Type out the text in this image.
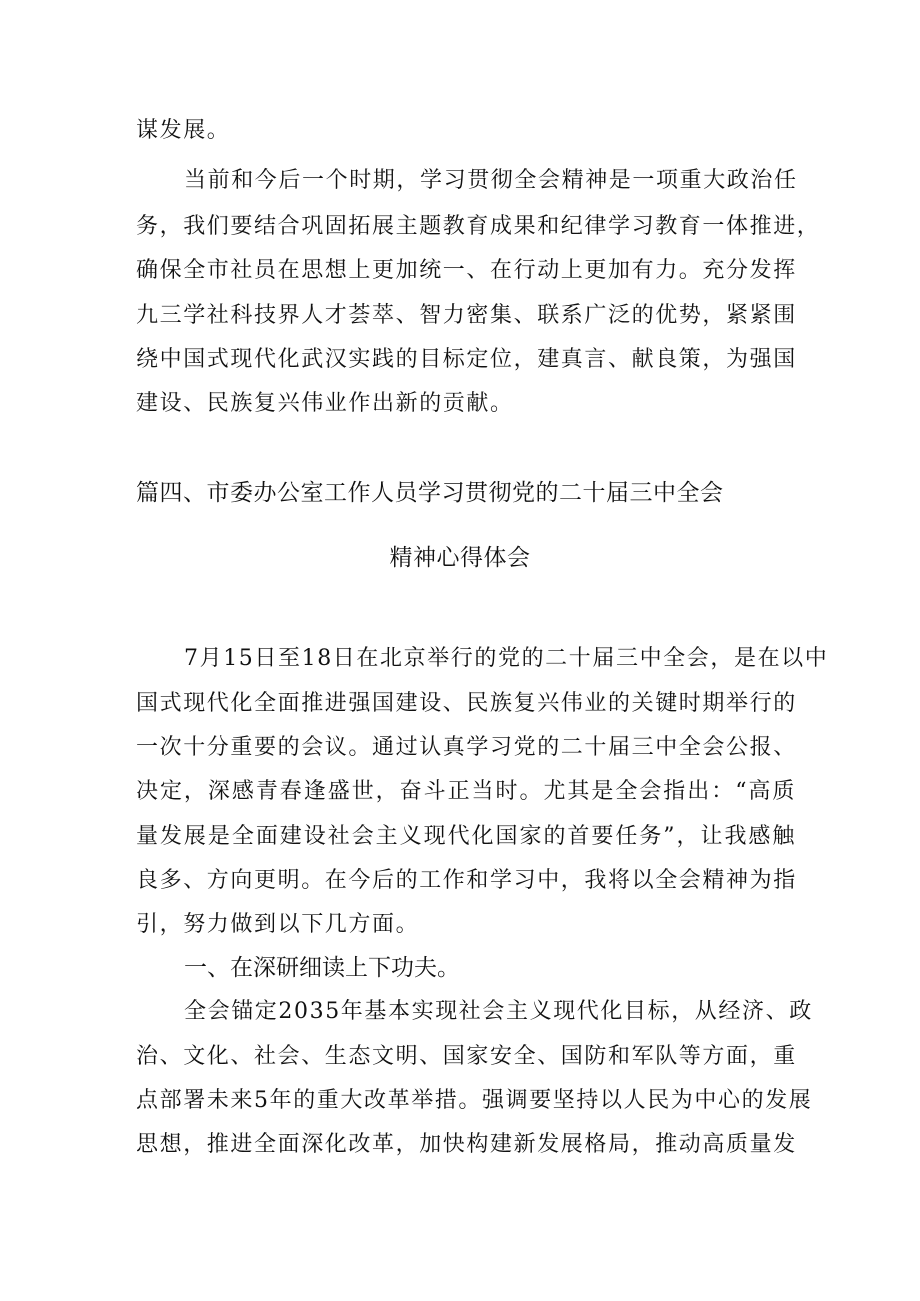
谋发展。
当前和今后一个时期，学习贯彻全会精神是一项重大政治任
务，我们要结合巩固拓展主题教育成果和纪律学习教育一体推进，
确保全市社员在思想上更加统一、在行动上更加有力。充分发挥
九三学社科技界人才荟萃、智力密集、联系广泛的优势，紧紧围
绕中国式现代化武汉实践的目标定位，建真言、献良策，为强国
建设、民族复兴伟业作出新的贡献。
篇四、市委办公室工作人员学习贯彻党的二十届三中全会
精神心得体会
7月15日至18日在北京举行的党的二十届三中全会，是在以中
国式现代化全面推进强国建设、民族复兴伟业的关键时期举行的
一次十分重要的会议。通过认真学习党的二十届三中全会公报、
决定，深感青春逢盛世，奋斗正当时。尤其是全会指出：“高质
量发展是全面建设社会主义现代化国家的首要任务”，让我感触
良多、方向更明。在今后的工作和学习中，我将以全会精神为指
引，努力做到以下几方面。
一、在深研细读上下功夫。
全会锚定2035年基本实现社会主义现代化目标，从经济、政
治、文化、社会、生态文明、国家安全、国防和军队等方面，重
点部署未来5年的重大改革举措。强调要坚持以人民为中心的发展
思想，推进全面深化改革，加快构建新发展格局，推动高质量发
